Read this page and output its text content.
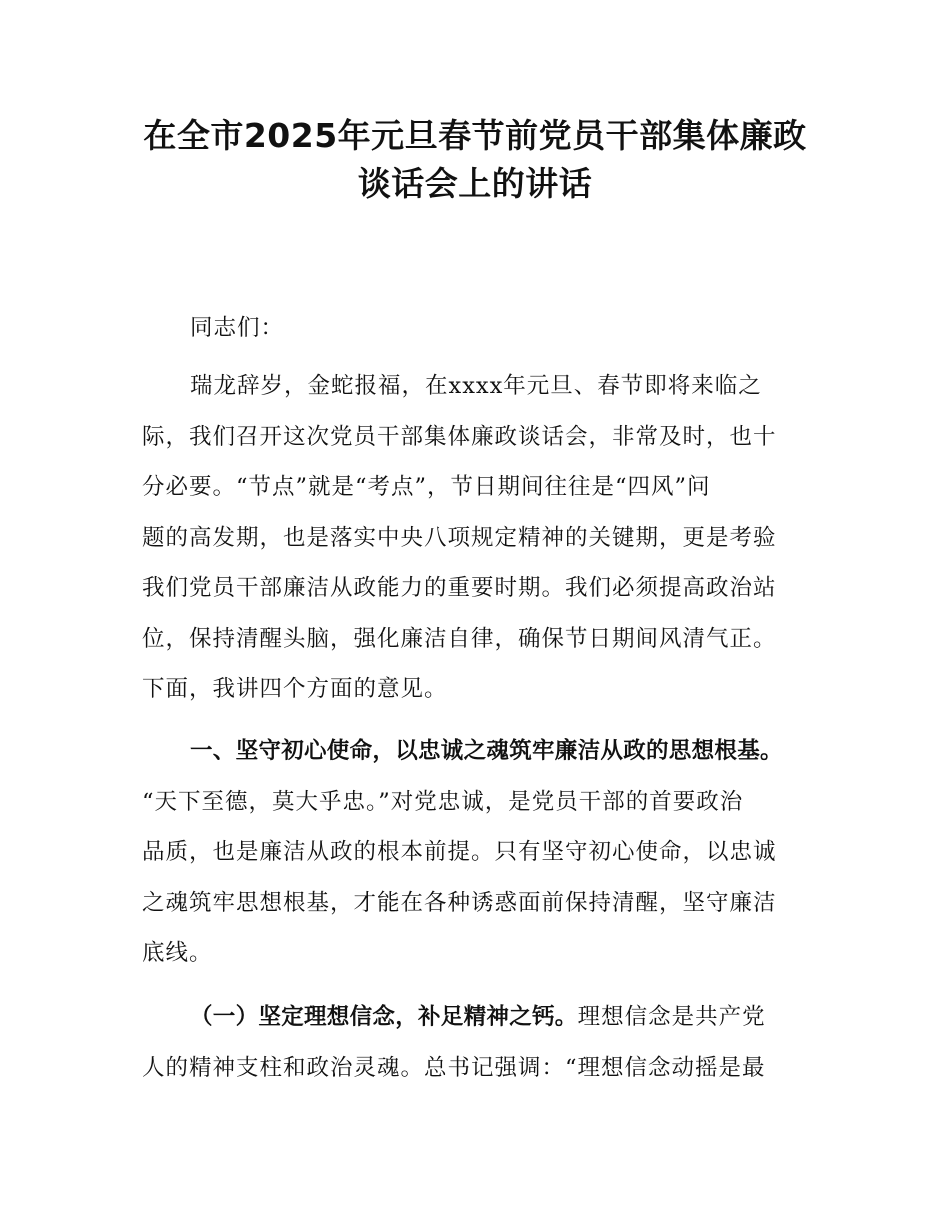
在全市2025年元旦春节前党员干部集体廉政
谈话会上的讲话

同志们：

瑞龙辞岁，金蛇报福，在xxxx年元旦、春节即将来临之
际，我们召开这次党员干部集体廉政谈话会，非常及时，也十
分必要。“节点”就是“考点”，节日期间往往是“四风”问
题的高发期，也是落实中央八项规定精神的关键期，更是考验
我们党员干部廉洁从政能力的重要时期。我们必须提高政治站
位，保持清醒头脑，强化廉洁自律，确保节日期间风清气正。
下面，我讲四个方面的意见。

一、坚守初心使命，以忠诚之魂筑牢廉洁从政的思想根基。
“天下至德，莫大乎忠。”对党忠诚，是党员干部的首要政治
品质，也是廉洁从政的根本前提。只有坚守初心使命，以忠诚
之魂筑牢思想根基，才能在各种诱惑面前保持清醒，坚守廉洁
底线。

（一）坚定理想信念，补足精神之钙。理想信念是共产党
人的精神支柱和政治灵魂。总书记强调：“理想信念动摇是最
